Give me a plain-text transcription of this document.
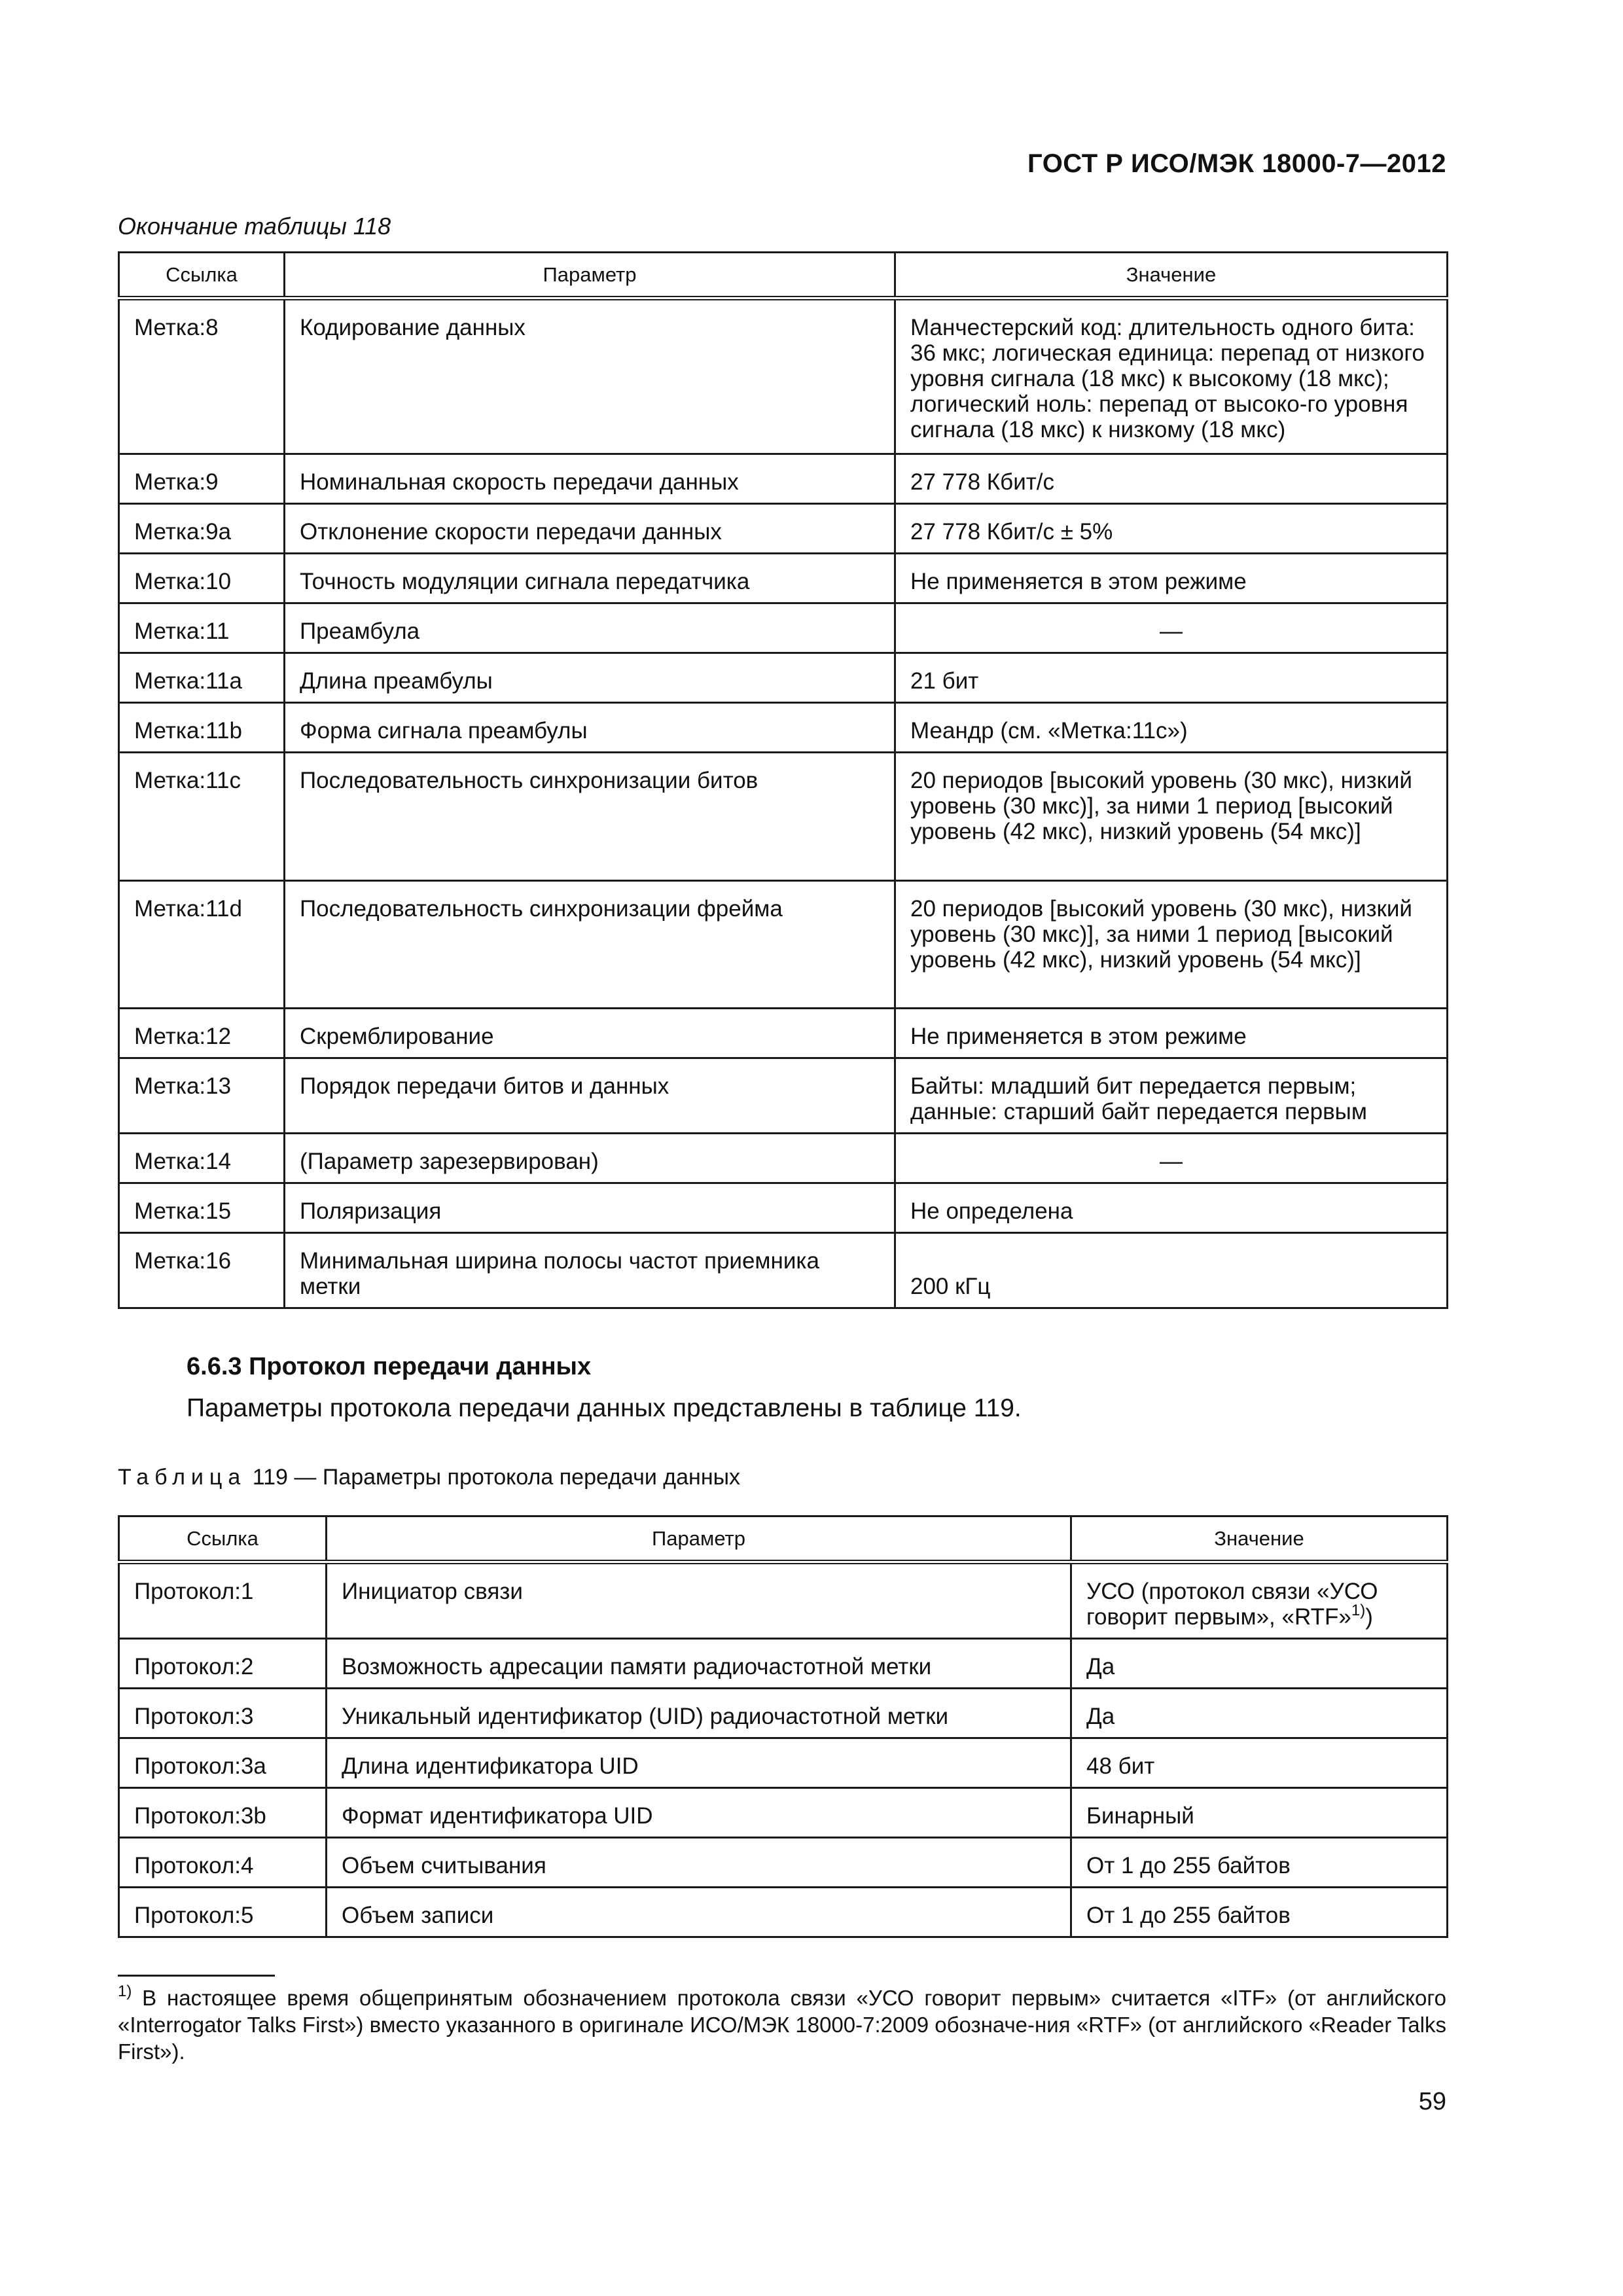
ГОСТ Р ИСО/МЭК 18000-7—2012
Окончание таблицы 118
Ссылка	Параметр	Значение
Метка:8	Кодирование данных	Манчестерский код: длительность одного бита: 36 мкс; логическая единица: перепад от низкого уровня сигнала (18 мкс) к высокому (18 мкс); логический ноль: перепад от высоко-го уровня сигнала (18 мкс) к низкому (18 мкс)
Метка:9	Номинальная скорость передачи данных	27 778 Кбит/с
Метка:9a	Отклонение скорости передачи данных	27 778 Кбит/с ± 5%
Метка:10	Точность модуляции сигнала передатчика	Не применяется в этом режиме
Метка:11	Преамбула	—
Метка:11a	Длина преамбулы	21 бит
Метка:11b	Форма сигнала преамбулы	Меандр (см. «Метка:11c»)
Метка:11c	Последовательность синхронизации битов	20 периодов [высокий уровень (30 мкс), низкий уровень (30 мкс)], за ними 1 период [высокий уровень (42 мкс), низкий уровень (54 мкс)]
Метка:11d	Последовательность синхронизации фрейма	20 периодов [высокий уровень (30 мкс), низкий уровень (30 мкс)], за ними 1 период [высокий уровень (42 мкс), низкий уровень (54 мкс)]
Метка:12	Скремблирование	Не применяется в этом режиме
Метка:13	Порядок передачи битов и данных	Байты: младший бит передается первым; данные: старший байт передается первым
Метка:14	(Параметр зарезервирован)	—
Метка:15	Поляризация	Не определена
Метка:16	Минимальная ширина полосы частот приемника метки	200 кГц
6.6.3 Протокол передачи данных
Параметры протокола передачи данных представлены в таблице 119.
Таблица 119 — Параметры протокола передачи данных
Ссылка	Параметр	Значение
Протокол:1	Инициатор связи	УСО (протокол связи «УСО говорит первым», «RTF»$^{1)}$)
Протокол:2	Возможность адресации памяти радиочастотной метки	Да
Протокол:3	Уникальный идентификатор (UID) радиочастотной метки	Да
Протокол:3a	Длина идентификатора UID	48 бит
Протокол:3b	Формат идентификатора UID	Бинарный
Протокол:4	Объем считывания	От 1 до 255 байтов
Протокол:5	Объем записи	От 1 до 255 байтов
$^{1)}$ В настоящее время общепринятым обозначением протокола связи «УСО говорит первым» считается «ITF» (от английского «Interrogator Talks First») вместо указанного в оригинале ИСО/МЭК 18000-7:2009 обозначе-ния «RTF» (от английского «Reader Talks First»).
59
